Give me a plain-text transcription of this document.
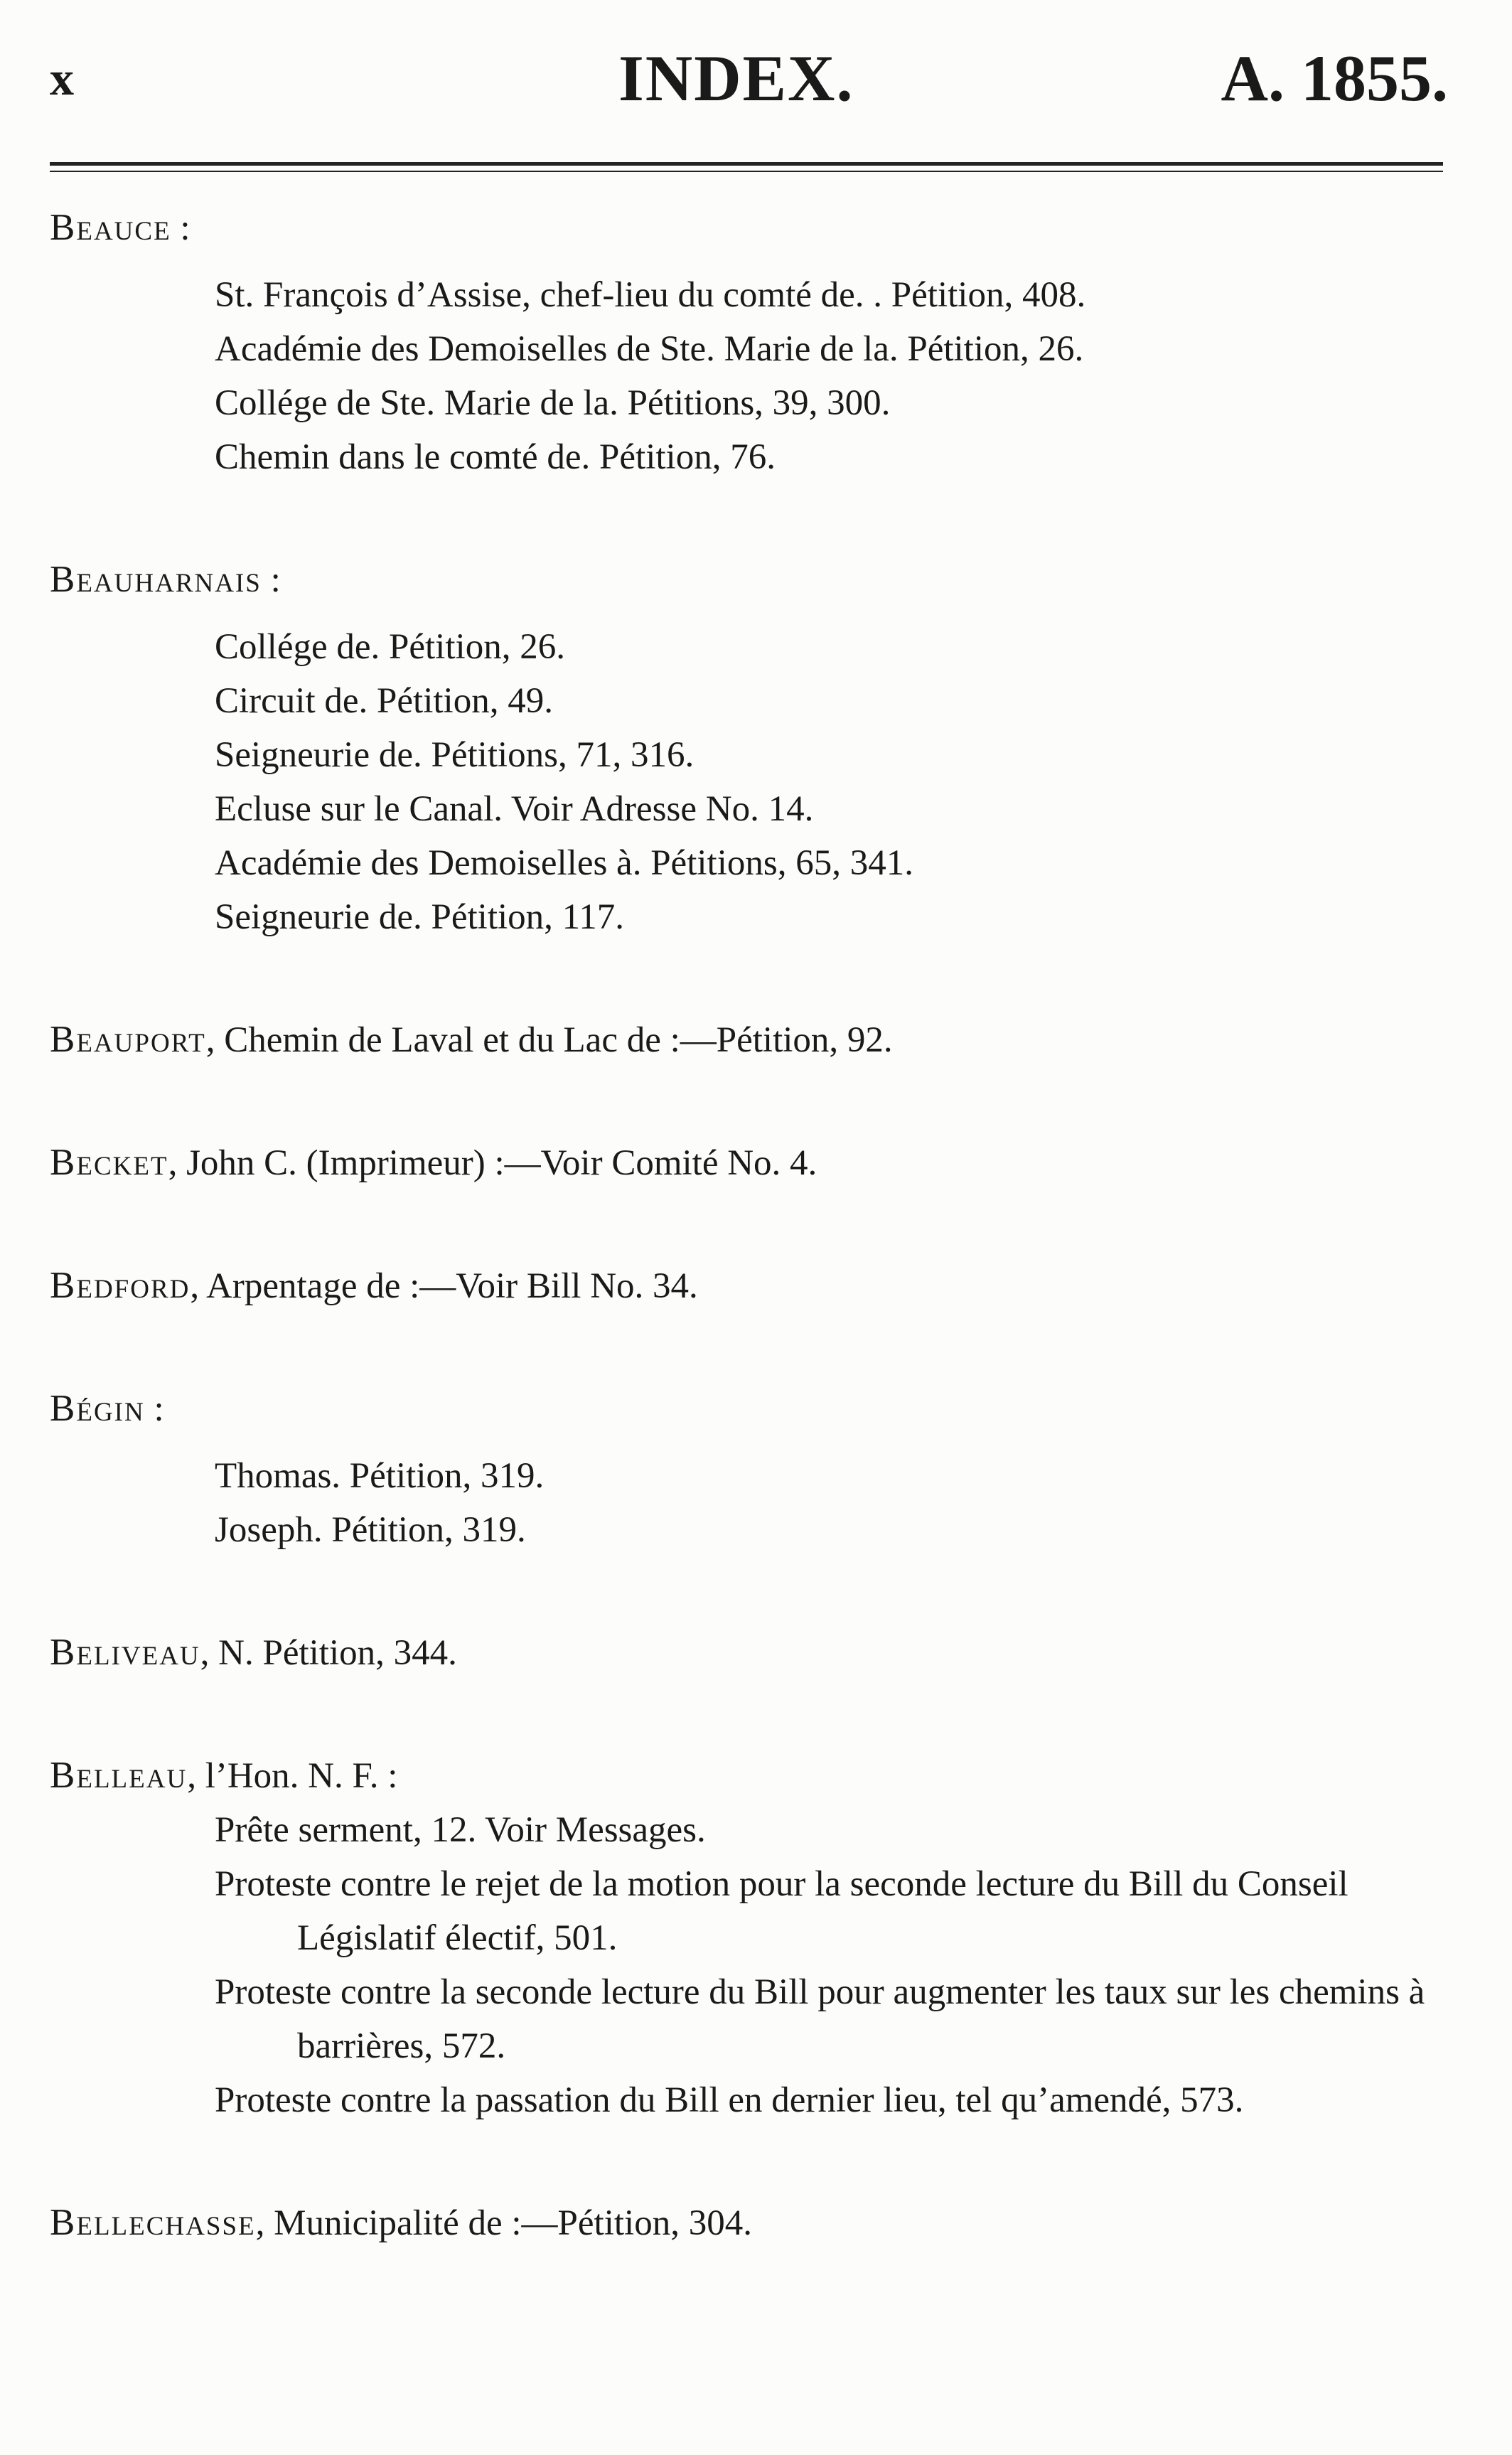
x	INDEX.	A. 1855.
Beauce :
St. François d’Assise, chef-lieu du comté de. . Pétition, 408.
Académie des Demoiselles de Ste. Marie de la. Pétition, 26.
Collége de Ste. Marie de la. Pétitions, 39, 300.
Chemin dans le comté de. Pétition, 76.
Beauharnais :
Collége de. Pétition, 26.
Circuit de. Pétition, 49.
Seigneurie de. Pétitions, 71, 316.
Ecluse sur le Canal. Voir Adresse No. 14.
Académie des Demoiselles à. Pétitions, 65, 341.
Seigneurie de. Pétition, 117.
Beauport, Chemin de Laval et du Lac de :—Pétition, 92.
Becket, John C. (Imprimeur) :—Voir Comité No. 4.
Bedford, Arpentage de :—Voir Bill No. 34.
Bégin :
Thomas. Pétition, 319.
Joseph. Pétition, 319.
Beliveau, N. Pétition, 344.
Belleau, l’Hon. N. F. :
Prête serment, 12. Voir Messages.
Proteste contre le rejet de la motion pour la seconde lecture du Bill du Conseil Législatif électif, 501.
Proteste contre la seconde lecture du Bill pour augmenter les taux sur les chemins à barrières, 572.
Proteste contre la passation du Bill en dernier lieu, tel qu’amendé, 573.
Bellechasse, Municipalité de :—Pétition, 304.
